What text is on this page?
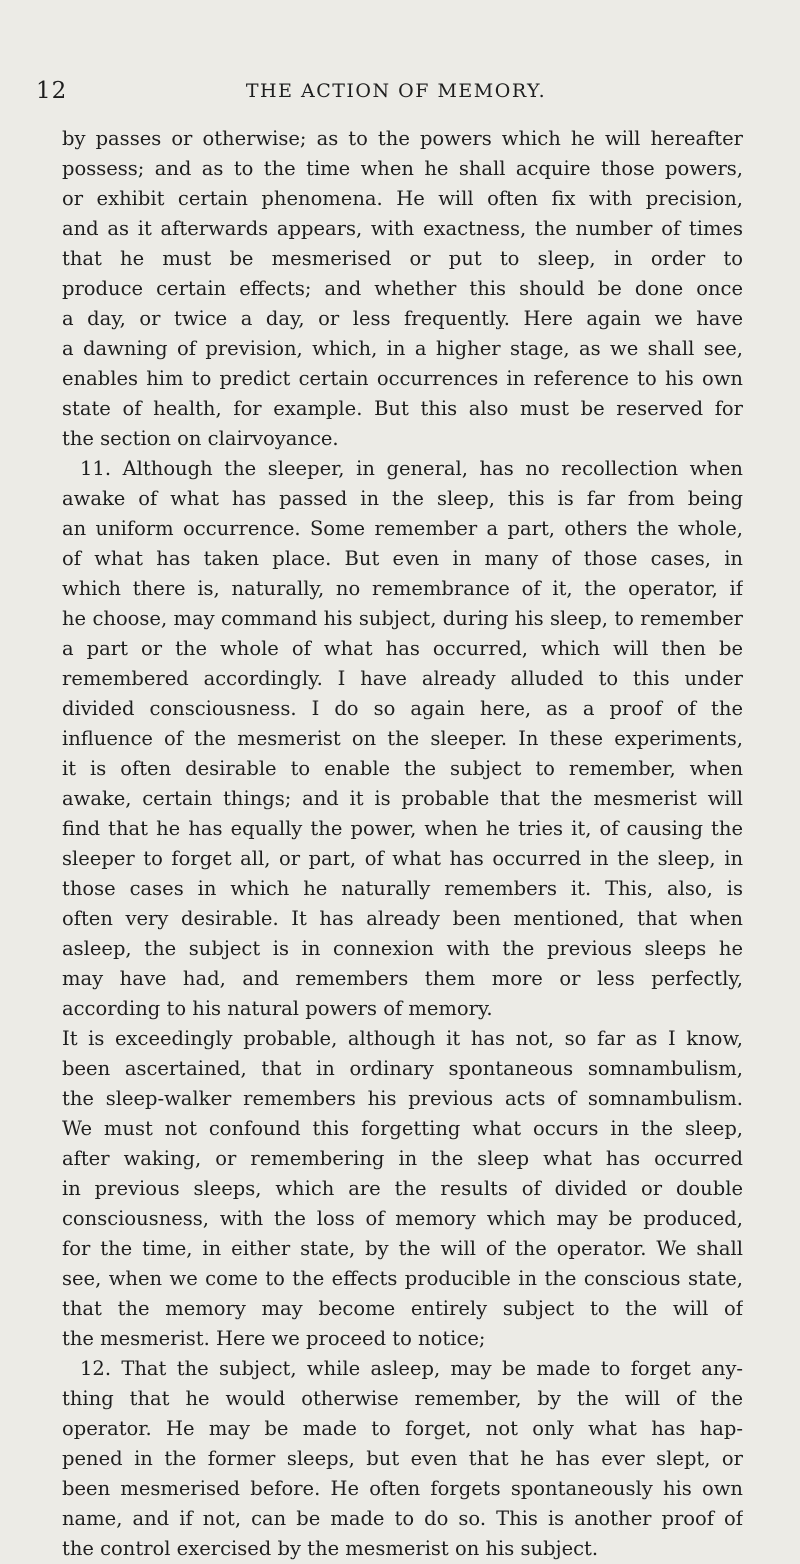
12	THE ACTION OF MEMORY.
by passes or otherwise; as to the powers which he will hereafter
possess; and as to the time when he shall acquire those powers,
or exhibit certain phenomena. He will often fix with precision,
and as it afterwards appears, with exactness, the number of times
that he must be mesmerised or put to sleep, in order to
produce certain effects; and whether this should be done once
a day, or twice a day, or less frequently. Here again we have
a dawning of prevision, which, in a higher stage, as we shall see,
enables him to predict certain occurrences in reference to his own
state of health, for example. But this also must be reserved for
the section on clairvoyance.
11. Although the sleeper, in general, has no recollection when
awake of what has passed in the sleep, this is far from being
an uniform occurrence. Some remember a part, others the whole,
of what has taken place. But even in many of those cases, in
which there is, naturally, no remembrance of it, the operator, if
he choose, may command his subject, during his sleep, to remember
a part or the whole of what has occurred, which will then be
remembered accordingly. I have already alluded to this under
divided consciousness. I do so again here, as a proof of the
influence of the mesmerist on the sleeper. In these experiments,
it is often desirable to enable the subject to remember, when
awake, certain things; and it is probable that the mesmerist will
find that he has equally the power, when he tries it, of causing the
sleeper to forget all, or part, of what has occurred in the sleep, in
those cases in which he naturally remembers it. This, also, is
often very desirable. It has already been mentioned, that when
asleep, the subject is in connexion with the previous sleeps he
may have had, and remembers them more or less perfectly,
according to his natural powers of memory.
It is exceedingly probable, although it has not, so far as I know,
been ascertained, that in ordinary spontaneous somnambulism,
the sleep-walker remembers his previous acts of somnambulism.
We must not confound this forgetting what occurs in the sleep,
after waking, or remembering in the sleep what has occurred
in previous sleeps, which are the results of divided or double
consciousness, with the loss of memory which may be produced,
for the time, in either state, by the will of the operator. We shall
see, when we come to the effects producible in the conscious state,
that the memory may become entirely subject to the will of
the mesmerist. Here we proceed to notice;
12. That the subject, while asleep, may be made to forget any-
thing that he would otherwise remember, by the will of the
operator. He may be made to forget, not only what has hap-
pened in the former sleeps, but even that he has ever slept, or
been mesmerised before. He often forgets spontaneously his own
name, and if not, can be made to do so. This is another proof of
the control exercised by the mesmerist on his subject.
